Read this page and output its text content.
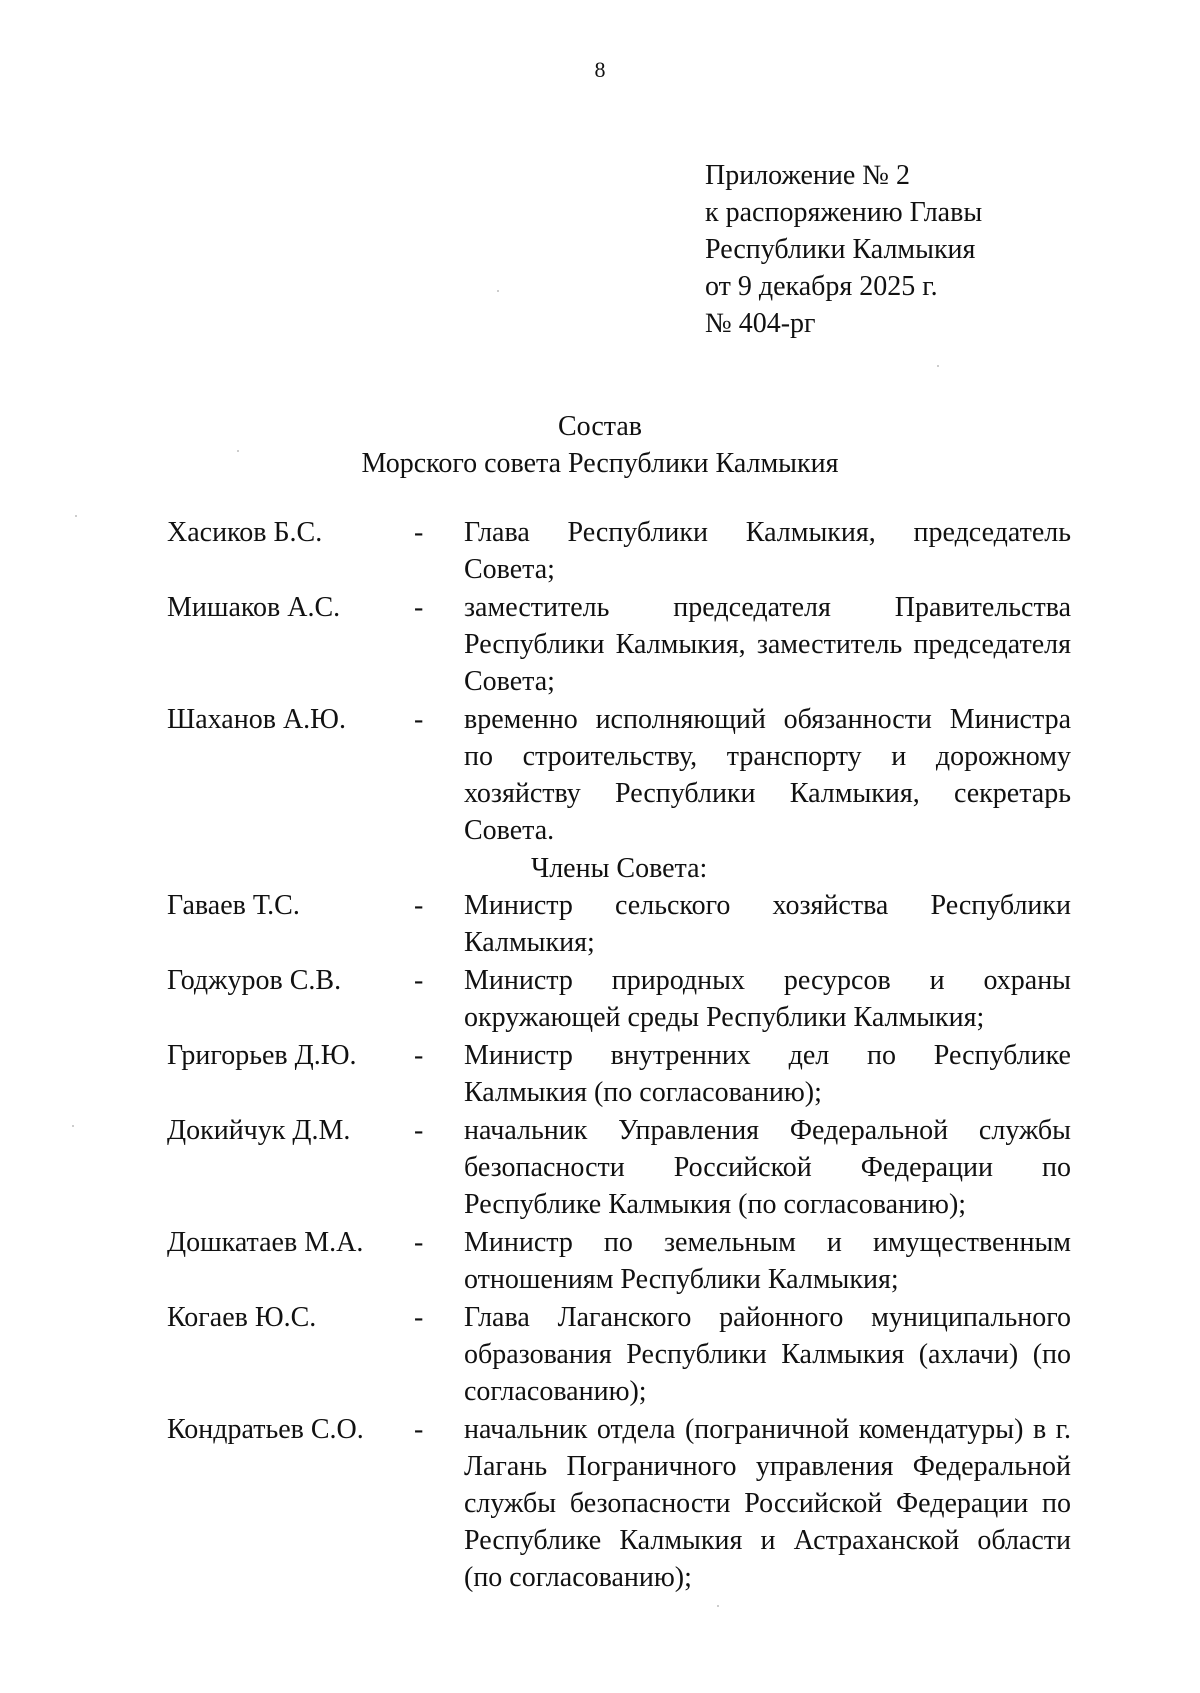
8
Приложение № 2
к распоряжению Главы
Республики Калмыкия
от 9 декабря 2025 г.
№ 404-рг
Состав
Морского совета Республики Калмыкия
Хасиков Б.С.	-	Глава Республики Калмыкия, председатель Совета;
Мишаков А.С.	-	заместитель председателя Правительства Республики Калмыкия, заместитель председателя Совета;
Шаханов А.Ю.	-	временно исполняющий обязанности Министра по строительству, транспорту и дорожному хозяйству Республики Калмыкия, секретарь Совета.
Члены Совета:
Гаваев Т.С.	-	Министр сельского хозяйства Республики Калмыкия;
Годжуров С.В.	-	Министр природных ресурсов и охраны окружающей среды Республики Калмыкия;
Григорьев Д.Ю.	-	Министр внутренних дел по Республике Калмыкия (по согласованию);
Докийчук Д.М.	-	начальник Управления Федеральной службы безопасности Российской Федерации по Республике Калмыкия (по согласованию);
Дошкатаев М.А.	-	Министр по земельным и имущественным отношениям Республики Калмыкия;
Когаев Ю.С.	-	Глава Лаганского районного муниципального образования Республики Калмыкия (ахлачи) (по согласованию);
Кондратьев С.О.	-	начальник отдела (пограничной комендатуры) в г. Лагань Пограничного управления Федеральной службы безопасности Российской Федерации по Республике Калмыкия и Астраханской области (по согласованию);
